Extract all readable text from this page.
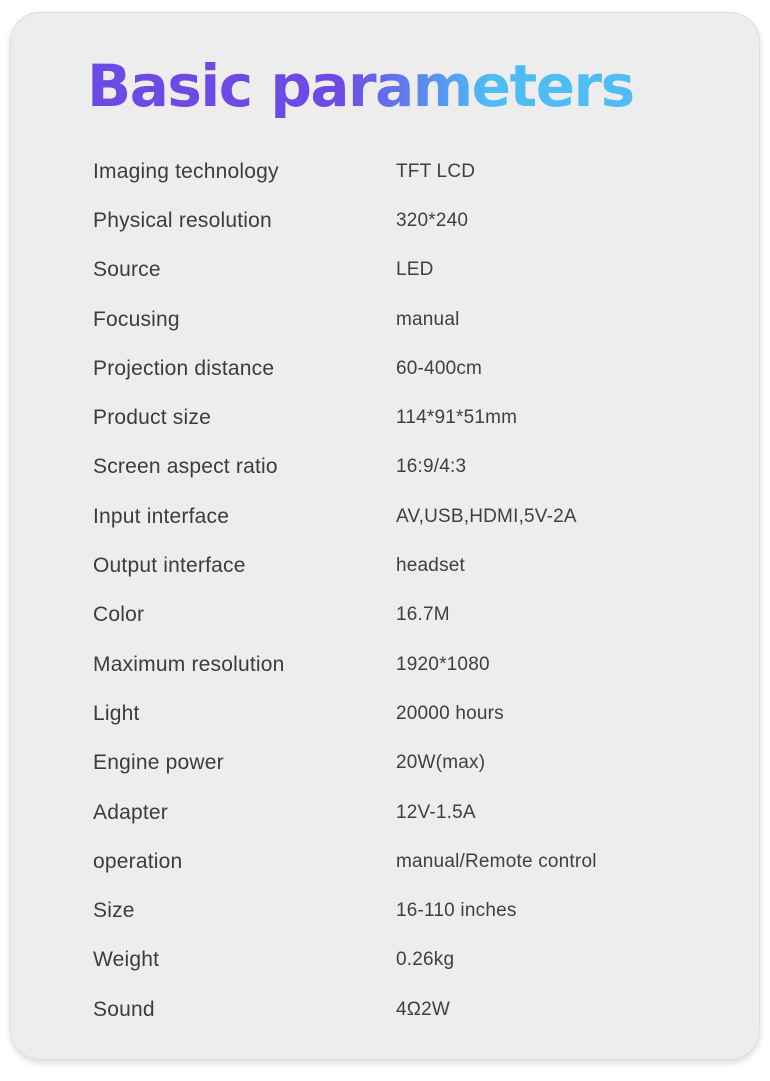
Basic parameters
Imaging technology	TFT LCD
Physical resolution	320*240
Source	LED
Focusing	manual
Projection distance	60-400cm
Product size	114*91*51mm
Screen aspect ratio	16:9/4:3
Input interface	AV,USB,HDMI,5V-2A
Output interface	headset
Color	16.7M
Maximum resolution	1920*1080
Light	20000 hours
Engine power	20W(max)
Adapter	12V-1.5A
operation	manual/Remote control
Size	16-110 inches
Weight	0.26kg
Sound	4Ω2W
